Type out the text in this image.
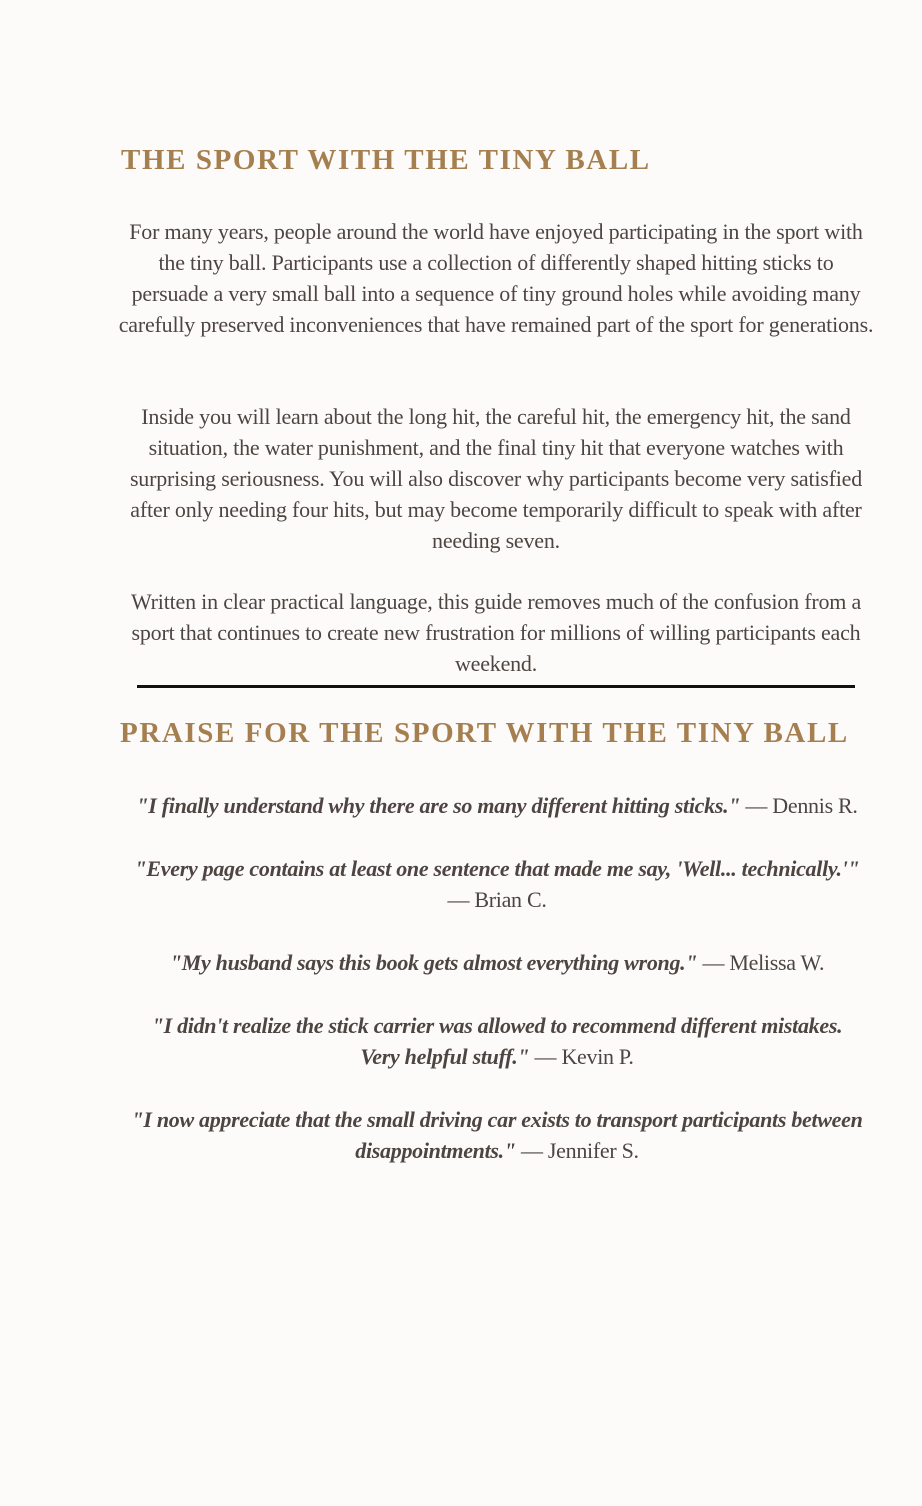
THE SPORT WITH THE TINY BALL

For many years, people around the world have enjoyed participating in the sport with the tiny ball. Participants use a collection of differently shaped hitting sticks to persuade a very small ball into a sequence of tiny ground holes while avoiding many carefully preserved inconveniences that have remained part of the sport for generations.

Inside you will learn about the long hit, the careful hit, the emergency hit, the sand situation, the water punishment, and the final tiny hit that everyone watches with surprising seriousness. You will also discover why participants become very satisfied after only needing four hits, but may become temporarily difficult to speak with after needing seven.

Written in clear practical language, this guide removes much of the confusion from a sport that continues to create new frustration for millions of willing participants each weekend.

PRAISE FOR THE SPORT WITH THE TINY BALL

"I finally understand why there are so many different hitting sticks." — Dennis R.

"Every page contains at least one sentence that made me say, 'Well... technically.'" — Brian C.

"My husband says this book gets almost everything wrong." — Melissa W.

"I didn't realize the stick carrier was allowed to recommend different mistakes. Very helpful stuff." — Kevin P.

"I now appreciate that the small driving car exists to transport participants between disappointments." — Jennifer S.
